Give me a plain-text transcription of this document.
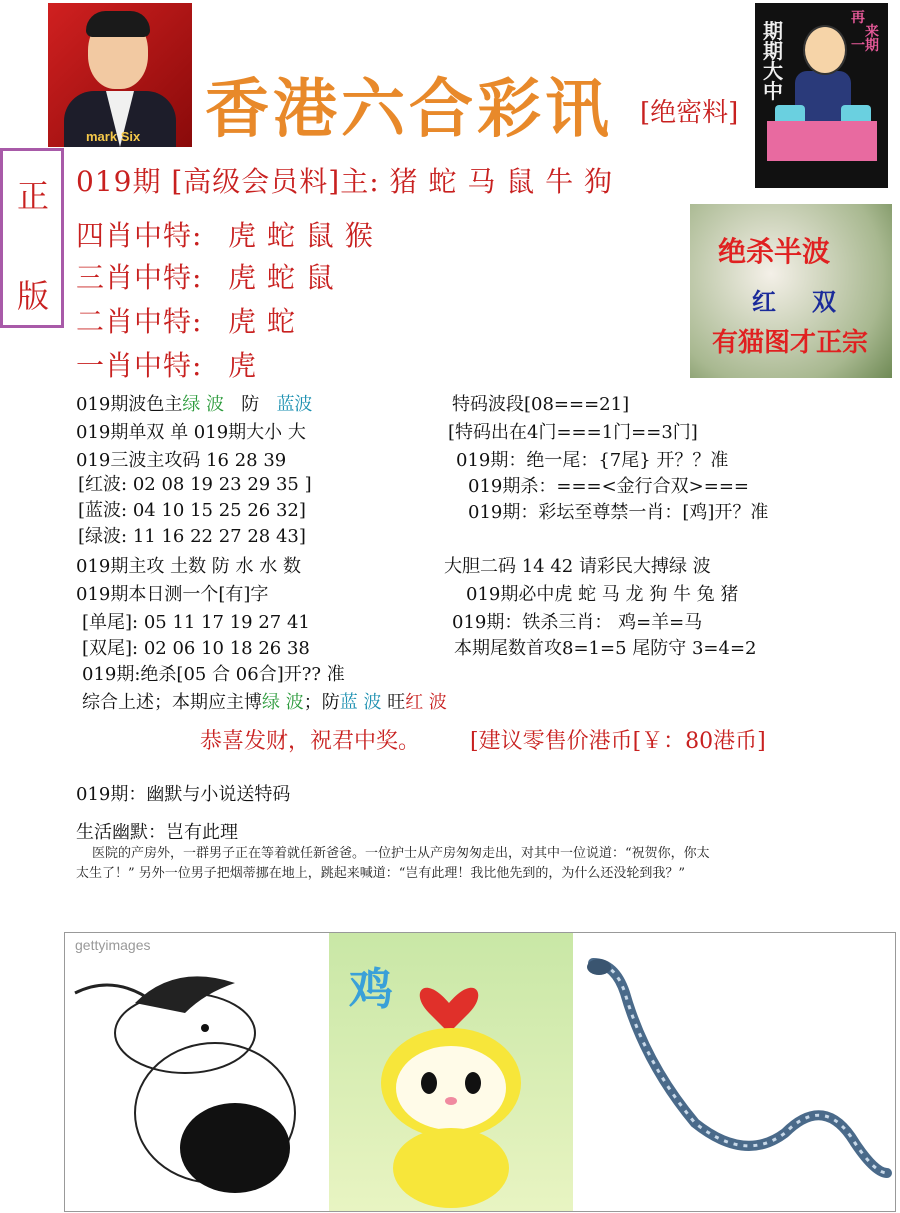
mark Six 香港六合彩讯 [绝密料]
期
期
大
中
再
来
一 期
正
版
019期 [高级会员料]主: 猪 蛇 马 鼠 牛 狗
四肖中特: 虎 蛇 鼠 猴
三肖中特: 虎 蛇 鼠
二肖中特: 虎 蛇
一肖中特: 虎
绝杀半波
红 双
有猫图才正宗
019期波色主绿 波 防 蓝波
019期单双 单 019期大小 大
019三波主攻码 16 28 39
[红波: 02 08 19 23 29 35 ]
[蓝波: 04 10 15 25 26 32]
[绿波: 11 16 22 27 28 43]
019期主攻 土数 防 水 水 数
019期本日测一个[有]字
[单尾]: 05 11 17 19 27 41
[双尾]: 02 06 10 18 26 38
019期:绝杀[05 合 06合]开?? 准
综合上述；本期应主博绿 波；防蓝 波 旺红 波
特码波段[08===21]
[特码出在4门===1门==3门]
019期：绝一尾：{7尾} 开？？准
019期杀：===<金行合双>===
019期：彩坛至尊禁一肖：[鸡]开？准
大胆二码 14 42 请彩民大搏绿 波
019期必中虎 蛇 马 龙 狗 牛 兔 猪
019期：铁杀三肖： 鸡=羊=马
本期尾数首攻8=1=5 尾防守 3=4=2
恭喜发财，祝君中奖。 [建议零售价港币[￥：80港币]
019期：幽默与小说送特码
生活幽默：岂有此理
医院的产房外，一群男子正在等着就任新爸爸。一位护士从产房匆匆走出，对其中一位说道：“祝贺你，你太
太生了！” 另外一位男子把烟蒂挪在地上，跳起来喊道：“岂有此理！我比他先到的，为什么还没轮到我？”
gettyimages
鸡
